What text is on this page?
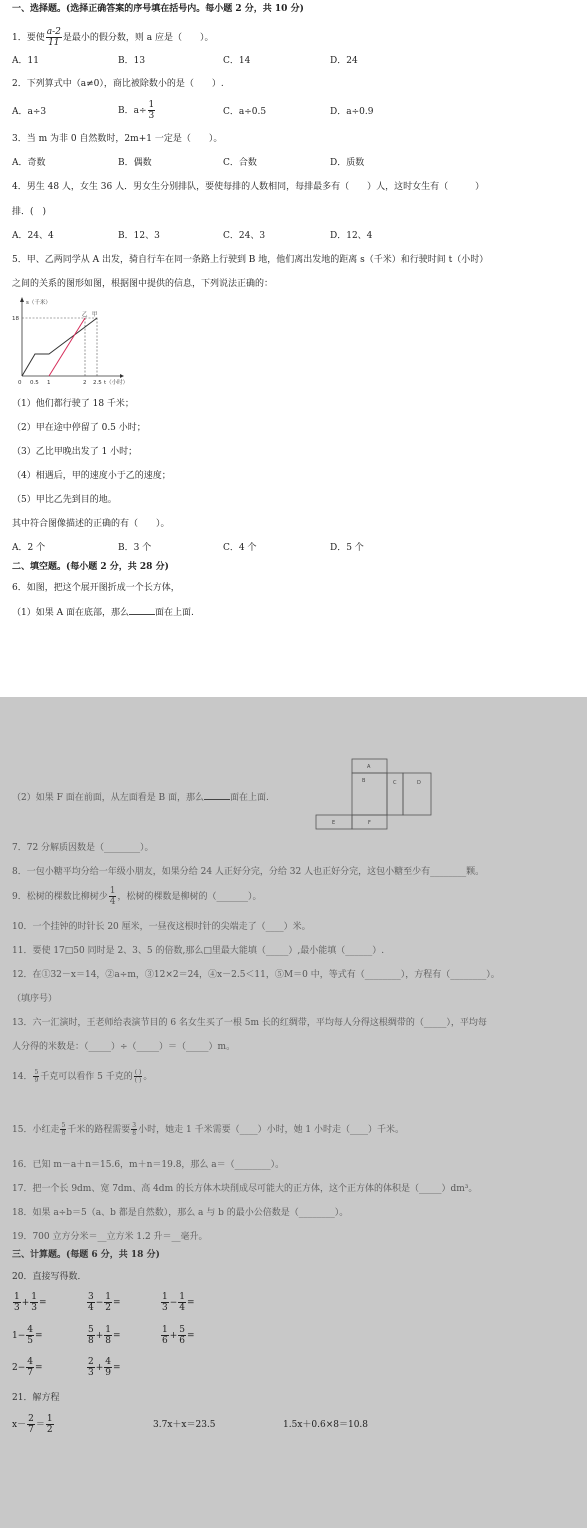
一、选择题。(选择正确答案的序号填在括号内。每小题 2 分，共 10 分)
1．要使 $\frac{a-2}{11}$ 是最小的假分数，则 a 应是（　　）。
A．11	B．13	C．14	D．24
2．下列算式中（a≠0），商比被除数小的是（　　）.
A．a÷3	B．$a\div \frac{1}{3}$	C．a÷0.5	D．a÷0.9
3．当 m 为非 0 自然数时，2m+1 一定是（　　）。
A．奇数	B．偶数	C．合数	D．质数
4．男生 48 人，女生 36 人．男女生分别排队，要使每排的人数相同，每排最多有（　　）人，这时女生有（　　　）
排．(　)
A．24、4	B．12、3	C．24、3	D．12、4
5．甲、乙两同学从 A 出发，骑自行车在同一条路上行驶到 B 地，他们离出发地的距离 s（千米）和行驶时间 t（小时）
之间的关系的图形如图，根据图中提供的信息，下列说法正确的：
s（千米）
18
乙 甲
0 0.5 1	2 2.5 t（小时）
（1）他们都行驶了 18 千米；
（2）甲在途中停留了 0.5 小时；
（3）乙比甲晚出发了 1 小时；
（4）相遇后，甲的速度小于乙的速度；
（5）甲比乙先到目的地。
其中符合图像描述的正确的有（　　）。
A．2 个	B．3 个	C．4 个	D．5 个
二、填空题。(每小题 2 分，共 28 分)
6．如图，把这个展开图折成一个长方体，
（1）如果 A 面在底部，那么	面在上面.
（2）如果 F 面在前面，从左面看是 B 面，那么	面在上面.
A
B	C	D
E	F
7．72 分解质因数是（________）。
8．一包小糖平均分给一年级小朋友，如果分给 24 人正好分完，分给 32 人也正好分完，这包小糖至少有________颗。
9．松树的棵数比柳树少 $\frac{1}{4}$ ，松树的棵数是柳树的（_______）。
10．一个挂钟的时针长 20 厘米，一昼夜这根时针的尖端走了（____）米。
11．要使 17□50 同时是 2、3、5 的倍数,那么□里最大能填（_____）,最小能填（______）.
12．在①32－x＝14，②a÷m，③12×2＝24，④x－2.5＜11，⑤M＝0 中，等式有（________），方程有（________）。
（填序号）
13．六一汇演时，王老师给表演节目的 6 名女生买了一根 5m 长的红绸带，平均每人分得这根绸带的（_____），平均每
人分得的米数是：（_____）÷（_____）＝（_____）m。
14． $\frac{5}{9}$ 千克可以看作 5 千克的 $\frac{( )}{( )}$ 。
15．小红走 $\frac{5}{8}$ 千米的路程需要 $\frac{3}{8}$ 小时，她走 1 千米需要（____）小时，她 1 小时走（____）千米。
16．已知 m－a＋n＝15.6，m＋n＝19.8，那么 a＝（________）。
17．把一个长 9dm、宽 7dm、高 4dm 的长方体木块削成尽可能大的正方体，这个正方体的体积是（_____）dm³。
18．如果 a÷b＝5（a、b 都是自然数），那么 a 与 b 的最小公倍数是（________）。
19．700 立方分米＝__立方米 1.2 升＝__毫升。
三、计算题。(每题 6 分，共 18 分)
20．直接写得数．
$\frac{1}{3} + \frac{1}{3}$ =	$\frac{3}{4} - \frac{1}{2}$ =	$\frac{1}{3} - \frac{1}{4}$ =
$1- \frac{4}{5}$ =	$\frac{5}{8} + \frac{1}{8}$ =	$\frac{1}{6} + \frac{5}{6}$ =
$2- \frac{4}{7}$ =	$\frac{2}{3} + \frac{4}{9}$ =
21．解方程
$x- \frac{2}{7} = \frac{1}{2}$	3.7x＋x＝23.5	1.5x＋0.6×8＝10.8
